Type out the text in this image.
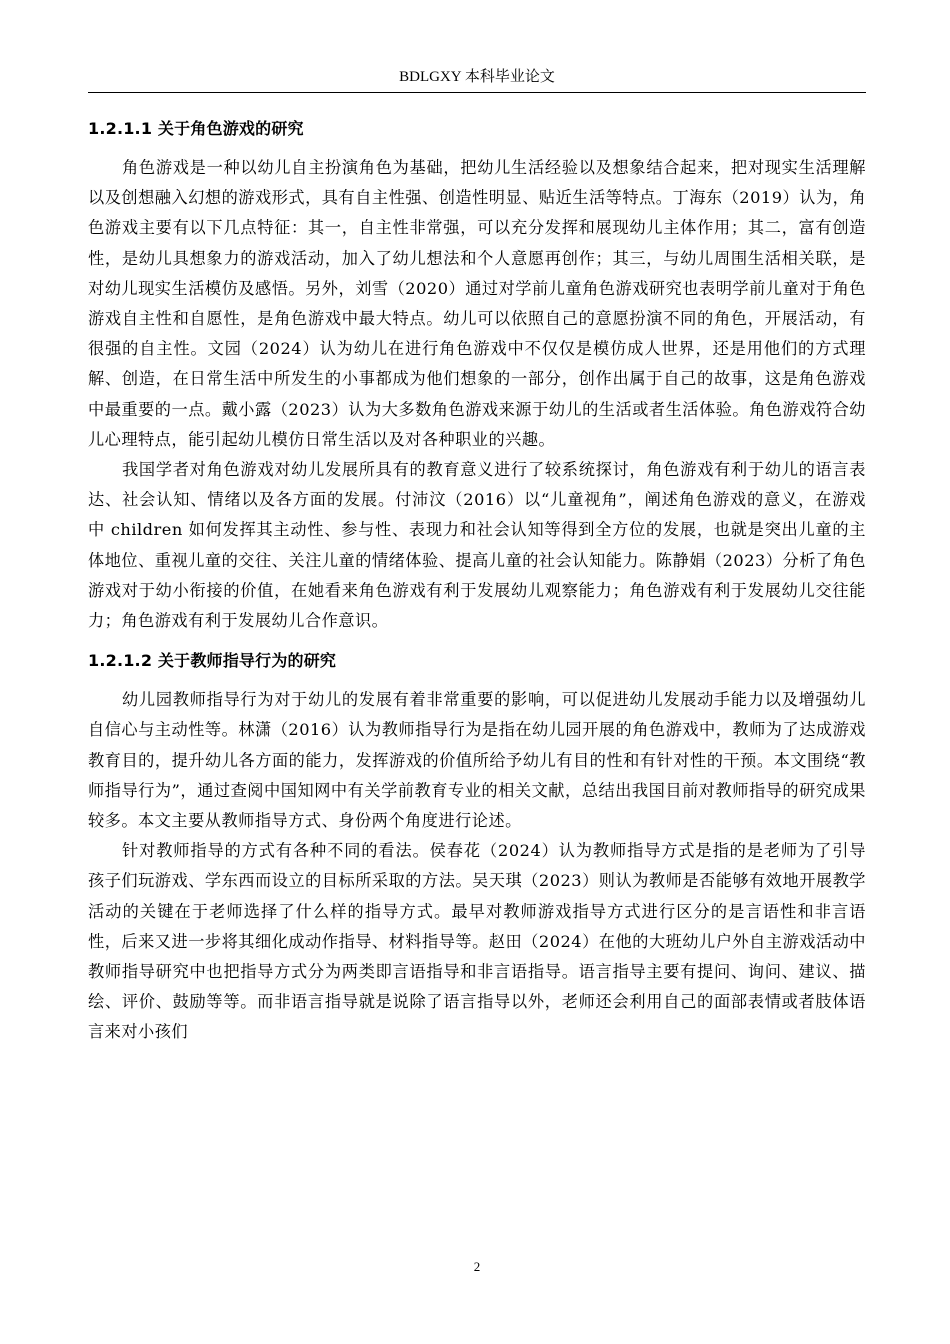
BDLGXY 本科毕业论文
1.2.1.1 关于角色游戏的研究

角色游戏是一种以幼儿自主扮演角色为基础，把幼儿生活经验以及想象结合起来，把对现实生活理解以及创想融入幻想的游戏形式，具有自主性强、创造性明显、贴近生活等特点。丁海东（2019）认为，角色游戏主要有以下几点特征：其一，自主性非常强，可以充分发挥和展现幼儿主体作用；其二，富有创造性，是幼儿具想象力的游戏活动，加入了幼儿想法和个人意愿再创作；其三，与幼儿周围生活相关联，是对幼儿现实生活模仿及感悟。另外，刘雪（2020）通过对学前儿童角色游戏研究也表明学前儿童对于角色游戏自主性和自愿性，是角色游戏中最大特点。幼儿可以依照自己的意愿扮演不同的角色，开展活动，有很强的自主性。文园（2024）认为幼儿在进行角色游戏中不仅仅是模仿成人世界，还是用他们的方式理解、创造，在日常生活中所发生的小事都成为他们想象的一部分，创作出属于自己的故事，这是角色游戏中最重要的一点。戴小露（2023）认为大多数角色游戏来源于幼儿的生活或者生活体验。角色游戏符合幼儿心理特点，能引起幼儿模仿日常生活以及对各种职业的兴趣。

我国学者对角色游戏对幼儿发展所具有的教育意义进行了较系统探讨，角色游戏有利于幼儿的语言表达、社会认知、情绪以及各方面的发展。付沛汶（2016）以“儿童视角”，阐述角色游戏的意义，在游戏中 children 如何发挥其主动性、参与性、表现力和社会认知等得到全方位的发展，也就是突出儿童的主体地位、重视儿童的交往、关注儿童的情绪体验、提高儿童的社会认知能力。陈静娟（2023）分析了角色游戏对于幼小衔接的价值，在她看来角色游戏有利于发展幼儿观察能力；角色游戏有利于发展幼儿交往能力；角色游戏有利于发展幼儿合作意识。

1.2.1.2 关于教师指导行为的研究

幼儿园教师指导行为对于幼儿的发展有着非常重要的影响，可以促进幼儿发展动手能力以及增强幼儿自信心与主动性等。林潇（2016）认为教师指导行为是指在幼儿园开展的角色游戏中，教师为了达成游戏教育目的，提升幼儿各方面的能力，发挥游戏的价值所给予幼儿有目的性和有针对性的干预。本文围绕“教师指导行为”，通过查阅中国知网中有关学前教育专业的相关文献，总结出我国目前对教师指导的研究成果较多。本文主要从教师指导方式、身份两个角度进行论述。

针对教师指导的方式有各种不同的看法。侯春花（2024）认为教师指导方式是指的是老师为了引导孩子们玩游戏、学东西而设立的目标所采取的方法。吴天琪（2023）则认为教师是否能够有效地开展教学活动的关键在于老师选择了什么样的指导方式。最早对教师游戏指导方式进行区分的是言语性和非言语性，后来又进一步将其细化成动作指导、材料指导等。赵田（2024）在他的大班幼儿户外自主游戏活动中教师指导研究中也把指导方式分为两类即言语指导和非言语指导。语言指导主要有提问、询问、建议、描绘、评价、鼓励等等。而非语言指导就是说除了语言指导以外，老师还会利用自己的面部表情或者肢体语言来对小孩们

2
